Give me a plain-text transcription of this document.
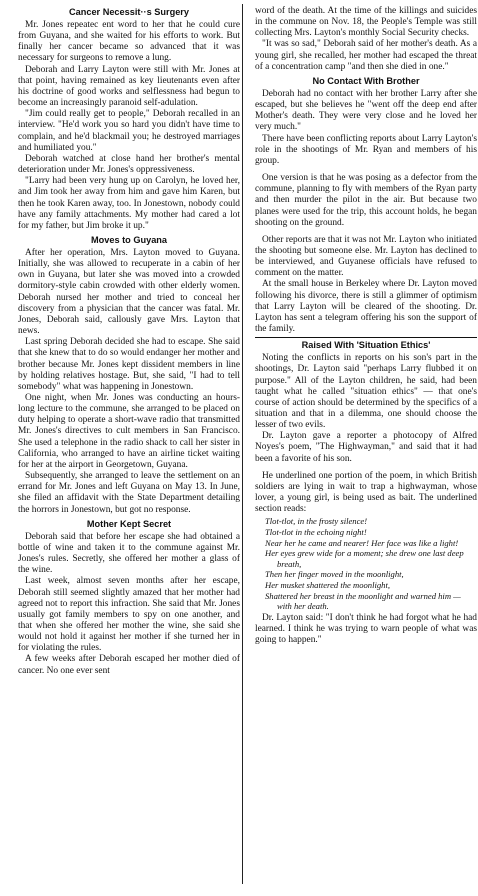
Cancer Necessit··s Surgery

Mr. Jones repeatec ent word to her that he could cure from Guyana, and she waited for his efforts to work. But finally her cancer became so advanced that it was necessary for surgeons to remove a lung.

Deborah and Larry Layton were still with Mr. Jones at that point, having remained as key lieutenants even after his doctrine of good works and selflessness had begun to become an increasingly paranoid self-adulation.

"Jim could really get to people," Deborah recalled in an interview. "He'd work you so hard you didn't have time to complain, and he'd blackmail you; he destroyed marriages and humiliated you."

Deborah watched at close hand her brother's mental deterioration under Mr. Jones's oppressiveness.

"Larry had been very hung up on Carolyn, he loved her, and Jim took her away from him and gave him Karen, but then he took Karen away, too. In Jonestown, nobody could have any family attachments. My mother had cared a lot for my father, but Jim broke it up."

Moves to Guyana

After her operation, Mrs. Layton moved to Guyana. Initially, she was allowed to recuperate in a cabin of her own in Guyana, but later she was moved into a crowded dormitory-style cabin crowded with other elderly women. Deborah nursed her mother and tried to conceal her discovery from a physician that the cancer was fatal. Mr. Jones, Deborah said, callously gave Mrs. Layton that news.

Last spring Deborah decided she had to escape. She said that she knew that to do so would endanger her mother and brother because Mr. Jones kept dissident members in line by holding relatives hostage. But, she said, "I had to tell somebody" what was happening in Jonestown.

One night, when Mr. Jones was conducting an hours-long lecture to the commune, she arranged to be placed on duty helping to operate a short-wave radio that transmitted Mr. Jones's directives to cult members in San Francisco. She used a telephone in the radio shack to call her sister in California, who arranged to have an airline ticket waiting for her at the airport in Georgetown, Guyana.

Subsequently, she arranged to leave the settlement on an errand for Mr. Jones and left Guyana on May 13. In June, she filed an affidavit with the State Department detailing the horrors in Jonestown, but got no response.

Mother Kept Secret

Deborah said that before her escape she had obtained a bottle of wine and taken it to the commune against Mr. Jones's rules. Secretly, she offered her mother a glass of the wine.

Last week, almost seven months after her escape, Deborah still seemed slightly amazed that her mother had agreed not to report this infraction. She said that Mr. Jones usually got family members to spy on one another, and that when she offered her mother the wine, she said she would not hold it against her mother if she turned her in for violating the rules.

A few weeks after Deborah escaped her mother died of cancer. No one ever sent

word of the death. At the time of the killings and suicides in the commune on Nov. 18, the People's Temple was still collecting Mrs. Layton's monthly Social Security checks.

"It was so sad," Deborah said of her mother's death. As a young girl, she recalled, her mother had escaped the threat of a concentration camp "and then she died in one."

No Contact With Brother

Deborah had no contact with her brother Larry after she escaped, but she believes he "went off the deep end after Mother's death. They were very close and he loved her very much."

There have been conflicting reports about Larry Layton's role in the shootings of Mr. Ryan and members of his group.

One version is that he was posing as a defector from the commune, planning to fly with members of the Ryan party and then murder the pilot in the air. But because two planes were used for the trip, this account holds, he began shooting on the ground.

Other reports are that it was not Mr. Layton who initiated the shooting but someone else. Mr. Layton has declined to be interviewed, and Guyanese officials have refused to comment on the matter.

At the small house in Berkeley where Dr. Layton moved following his divorce, there is still a glimmer of optimism that Larry Layton will be cleared of the shooting. Dr. Layton has sent a telegram offering his son the support of the family.

Raised With 'Situation Ethics'

Noting the conflicts in reports on his son's part in the shootings, Dr. Layton said "perhaps Larry flubbed it on purpose." All of the Layton children, he said, had been taught what he called "situation ethics" — that one's course of action should be determined by the specifics of a situation and that in a dilemma, one should choose the lesser of two evils.

Dr. Layton gave a reporter a photocopy of Alfred Noyes's poem, "The Highwayman," and said that it had been a favorite of his son.

He underlined one portion of the poem, in which British soldiers are lying in wait to trap a highwayman, whose lover, a young girl, is being used as bait. The underlined section reads:

Tlot-tlot, in the frosty silence!
Tlot-tlot in the echoing night!
Near her he came and nearer! Her face was like a light!
Her eyes grew wide for a moment; she drew one last deep breath,
Then her finger moved in the moonlight,
Her musket shattered the moonlight,
Shattered her breast in the moonlight and warned him — with her death.

Dr. Layton said: "I don't think he had forgot what he had learned. I think he was trying to warn people of what was going to happen."
